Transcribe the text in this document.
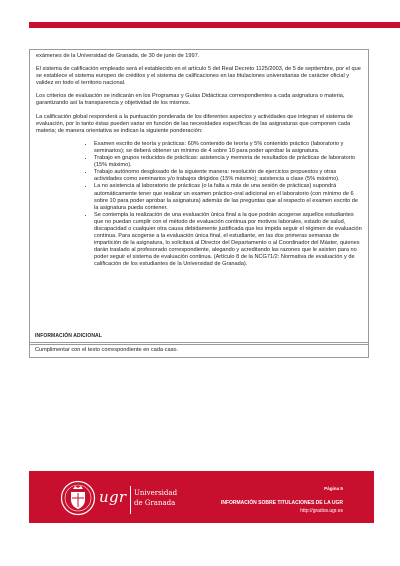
exámenes de la Universidad de Granada, de 30 de junio de 1997.

El sistema de calificación empleado será el establecido en el artículo 5 del Real Decreto 1125/2003, de 5 de septiembre, por el que se establece el sistema europeo de créditos y el sistema de calificaciones en las titulaciones universitarias de carácter oficial y validez en todo el territorio nacional.

Los criterios de evaluación se indicarán en los Programas y Guías Didácticas correspondientes a cada asignatura o materia, garantizando así la transparencia y objetividad de los mismos.

La calificación global responderá a la puntuación ponderada de los diferentes aspectos y actividades que integran el sistema de evaluación, por lo tanto éstas pueden variar en función de las necesidades específicas de las asignaturas que componen cada materia; de manera orientativa se indican la siguiente ponderación:

• Examen escrito de teoría y prácticas: 60% contenido de teoría y 5% contenido práctico (laboratorio y seminarios); se deberá obtener un mínimo de 4 sobre 10 para poder aprobar la asignatura.
• Trabajo en grupos reducidos de prácticas: asistencia y memoria de resultados de prácticas de laboratorio (15% máximo).
• Trabajo autónomo desglosado de la siguiente manera: resolución de ejercicios propuestos y otras actividades como seminarios y/o trabajos dirigidos (15% máximo); asistencia a clase (5% máximo).
• La no asistencia al laboratorio de prácticas (o la falta a más de una sesión de prácticas) supondrá automáticamente tener que realizar un examen práctico-oral adicional en el laboratorio (con mínimo de 6 sobre 10 para poder aprobar la asignatura) además de las preguntas que al respecto el examen escrito de la asignatura pueda contener.
• Se contempla la realización de una evaluación única final a la que podrán acogerse aquellos estudiantes que no puedan cumplir con el método de evaluación continua por motivos laborales, estado de salud, discapacidad o cualquier otra causa debidamente justificada que les impida seguir el régimen de evaluación continua. Para acogerse a la evaluación única final, el estudiante, en las dos primeras semanas de impartición de la asignatura, lo solicitará al Director del Departamento o al Coordinador del Máster, quienes darán traslado al profesorado correspondiente, alegando y acreditando las razones que le asisten para no poder seguir el sistema de evaluación continua. (Artículo 8 de la NCG71/2: Normativa de evaluación y de calificación de los estudiantes de la Universidad de Granada).
INFORMACIÓN ADICIONAL
Cumplimentar con el texto correspondiente en cada caso.
ugr Universidad
de Granada
Página 5
INFORMACIÓN SOBRE TITULACIONES DE LA UGR
http://grados.ugr.es
